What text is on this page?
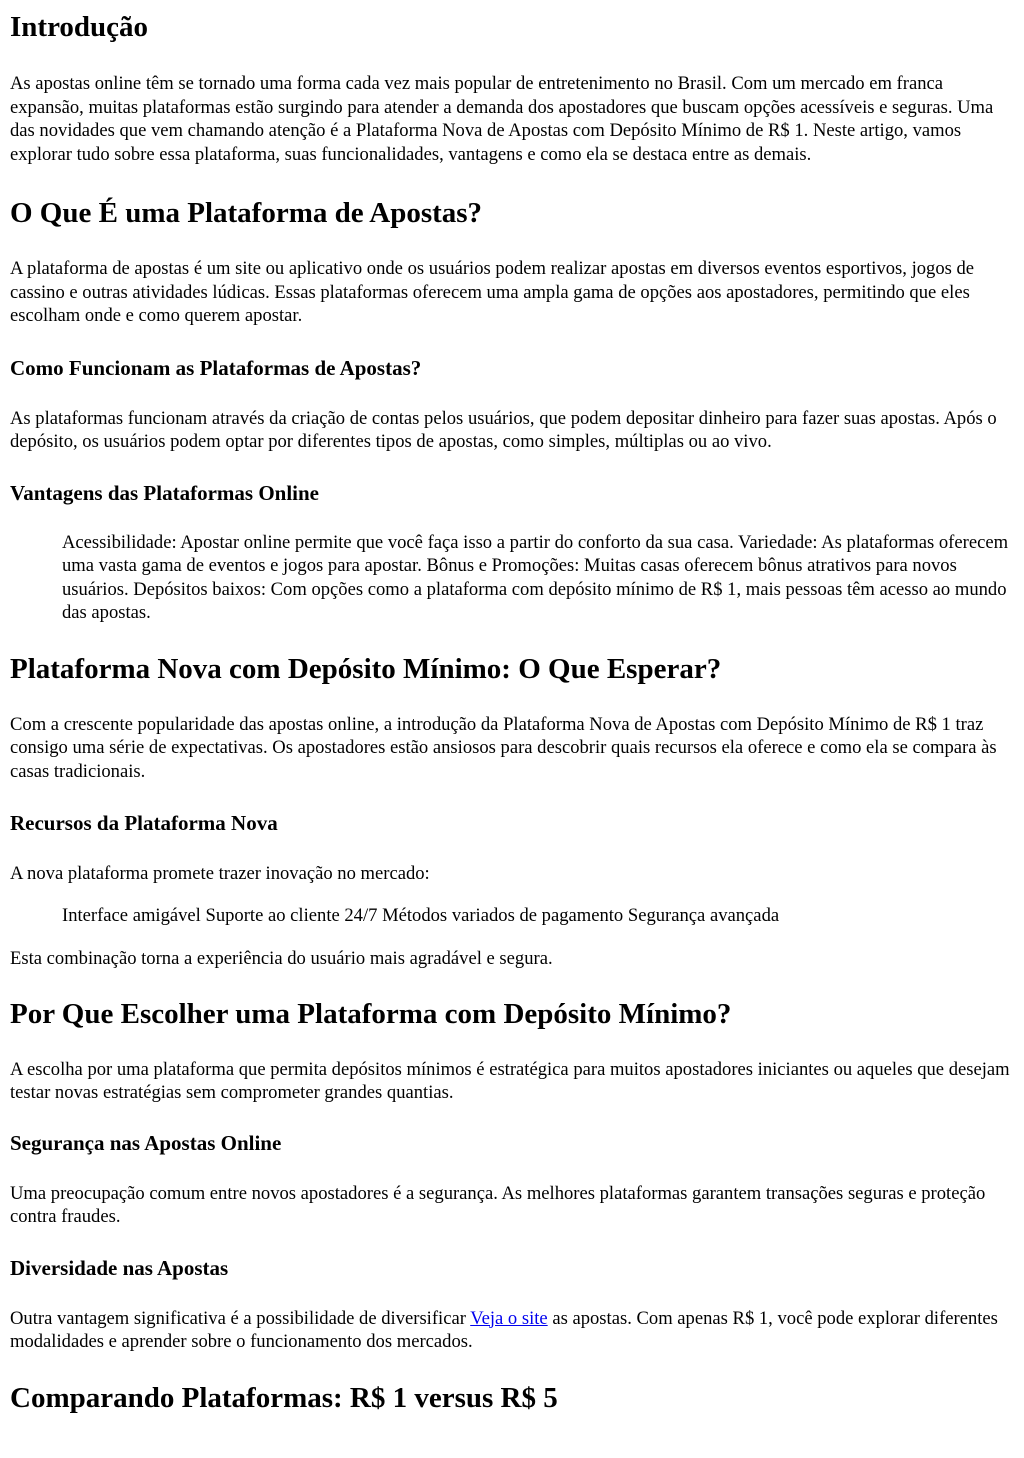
Introdução

As apostas online têm se tornado uma forma cada vez mais popular de entretenimento no Brasil. Com um mercado em franca expansão, muitas plataformas estão surgindo para atender a demanda dos apostadores que buscam opções acessíveis e seguras. Uma das novidades que vem chamando atenção é a Plataforma Nova de Apostas com Depósito Mínimo de R$ 1. Neste artigo, vamos explorar tudo sobre essa plataforma, suas funcionalidades, vantagens e como ela se destaca entre as demais.

O Que É uma Plataforma de Apostas?

A plataforma de apostas é um site ou aplicativo onde os usuários podem realizar apostas em diversos eventos esportivos, jogos de cassino e outras atividades lúdicas. Essas plataformas oferecem uma ampla gama de opções aos apostadores, permitindo que eles escolham onde e como querem apostar.

Como Funcionam as Plataformas de Apostas?

As plataformas funcionam através da criação de contas pelos usuários, que podem depositar dinheiro para fazer suas apostas. Após o depósito, os usuários podem optar por diferentes tipos de apostas, como simples, múltiplas ou ao vivo.

Vantagens das Plataformas Online
Acessibilidade: Apostar online permite que você faça isso a partir do conforto da sua casa. Variedade: As plataformas oferecem uma vasta gama de eventos e jogos para apostar. Bônus e Promoções: Muitas casas oferecem bônus atrativos para novos usuários. Depósitos baixos: Com opções como a plataforma com depósito mínimo de R$ 1, mais pessoas têm acesso ao mundo das apostas.
Plataforma Nova com Depósito Mínimo: O Que Esperar?

Com a crescente popularidade das apostas online, a introdução da Plataforma Nova de Apostas com Depósito Mínimo de R$ 1 traz consigo uma série de expectativas. Os apostadores estão ansiosos para descobrir quais recursos ela oferece e como ela se compara às casas tradicionais.

Recursos da Plataforma Nova

A nova plataforma promete trazer inovação no mercado:

Interface amigável Suporte ao cliente 24/7 Métodos variados de pagamento Segurança avançada

Esta combinação torna a experiência do usuário mais agradável e segura.

Por Que Escolher uma Plataforma com Depósito Mínimo?

A escolha por uma plataforma que permita depósitos mínimos é estratégica para muitos apostadores iniciantes ou aqueles que desejam testar novas estratégias sem comprometer grandes quantias.

Segurança nas Apostas Online

Uma preocupação comum entre novos apostadores é a segurança. As melhores plataformas garantem transações seguras e proteção contra fraudes.

Diversidade nas Apostas

Outra vantagem significativa é a possibilidade de diversificar Veja o site as apostas. Com apenas R$ 1, você pode explorar diferentes modalidades e aprender sobre o funcionamento dos mercados.

Comparando Plataformas: R$ 1 versus R$ 5
